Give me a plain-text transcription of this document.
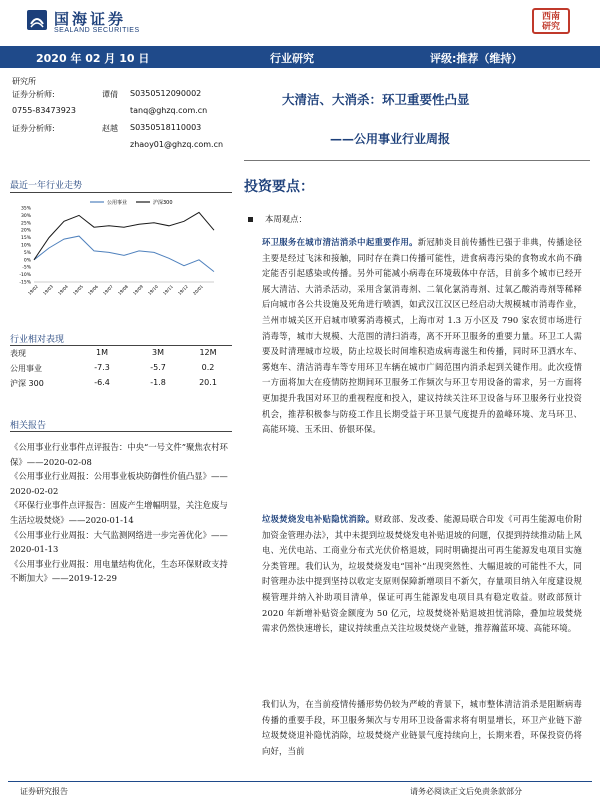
国海证券
SEALAND SECURITIES
西南
研究
2020 年 02 月 10 日	行业研究	评级:推荐（维持）
研究所
证券分析师:	谭倩 S0350512090002
0755-83473923	tanq@ghzq.com.cn
证券分析师:	赵越 S0350518110003
zhaoy01@ghzq.com.cn
最近一年行业走势
35%
30%
25%
20%
15%
10%
5%
0%
-5%
-10%
-15%
19/02 19/03 19/04 19/05 19/06 19/07 19/08 19/09 19/10 19/11 19/12 20/01
公用事业	沪深300
行业相对表现
表现	1M	3M	12M
公用事业	-7.3	-5.7	0.2
沪深 300	-6.4	-1.8	20.1
相关报告
《公用事业行业事件点评报告：中央“一号文件”聚焦农村环保》——2020-02-08
《公用事业行业周报：公用事业板块防御性价值凸显》——2020-02-02
《环保行业事件点评报告：固废产生增幅明显，关注危废与生活垃圾焚烧》——2020-01-14
《公用事业行业周报：大气监测网络进一步完善优化》——2020-01-13
《公用事业行业周报：用电量结构优化，生态环保财政支持不断加大》——2019-12-29
大清洁、大消杀：环卫重要性凸显
——公用事业行业周报
投资要点：
本周观点：
环卫服务在城市清洁消杀中起重要作用。新冠肺炎目前传播性已强于非典，传播途径主要是经过飞沫和接触，同时存在粪口传播可能性，进食病毒污染的食物或水尚不确定能否引起感染或传播。另外可能减小病毒在环境载体中存活，目前多个城市已经开展大清洁、大消杀活动，采用含氯消毒剂、二氧化氯消毒剂、过氧乙酸消毒剂等稀释后向城市各公共设施及死角进行喷洒，如武汉江汉区已经启动大规模城市消毒作业，兰州市城关区开启城市喷雾消毒模式，上海市对 1.3 万小区及 790 家农贸市场进行消毒等，城市大规模、大范围的清扫消毒，离不开环卫服务的重要力量。环卫工人需要及时清理城市垃圾，防止垃圾长时间堆积造成病毒滋生和传播，同时环卫洒水车、雾炮车、清洁消毒车等专用环卫车辆在城市广阔范围内消杀起到关键作用。此次疫情一方面将加大在疫情防控期间环卫服务工作频次与环卫专用设备的需求，另一方面将更加提升我国对环卫的重视程度和投入，建议持续关注环卫设备与环卫服务行业投资机会，推荐积极参与防疫工作且长期受益于环卫景气度提升的盈峰环境、龙马环卫、高能环境、玉禾田、侨银环保。
垃圾焚烧发电补贴隐忧消除。财政部、发改委、能源局联合印发《可再生能源电价附加资金管理办法》，其中未提到垃圾焚烧发电补贴退坡的问题，仅提到持续推动陆上风电、光伏电站、工商业分布式光伏价格退坡，同时明确提出可再生能源发电项目实施分类管理。我们认为，垃圾焚烧发电“国补”出现突然性、大幅退坡的可能性不大，同时管理办法中提到坚持以收定支原则保障新增项目不新欠，存量项目纳入年度建设规模管理并纳入补助项目清单，保证可再生能源发电项目具有稳定收益。财政部预计 2020 年新增补贴资金额度为 50 亿元，垃圾焚烧补贴退坡担忧消除，叠加垃圾焚烧需求仍然快速增长，建议持续重点关注垃圾焚烧产业链，推荐瀚蓝环境、高能环境。
我们认为，在当前疫情传播形势仍较为严峻的背景下，城市整体清洁消杀是阻断病毒传播的重要手段，环卫服务频次与专用环卫设备需求将有明显增长，环卫产业链下游垃圾焚烧退补隐忧消除，垃圾焚烧产业链景气度持续向上，长期来看，环保投资仍将向好，当前
证券研究报告	请务必阅读正文后免责条款部分
